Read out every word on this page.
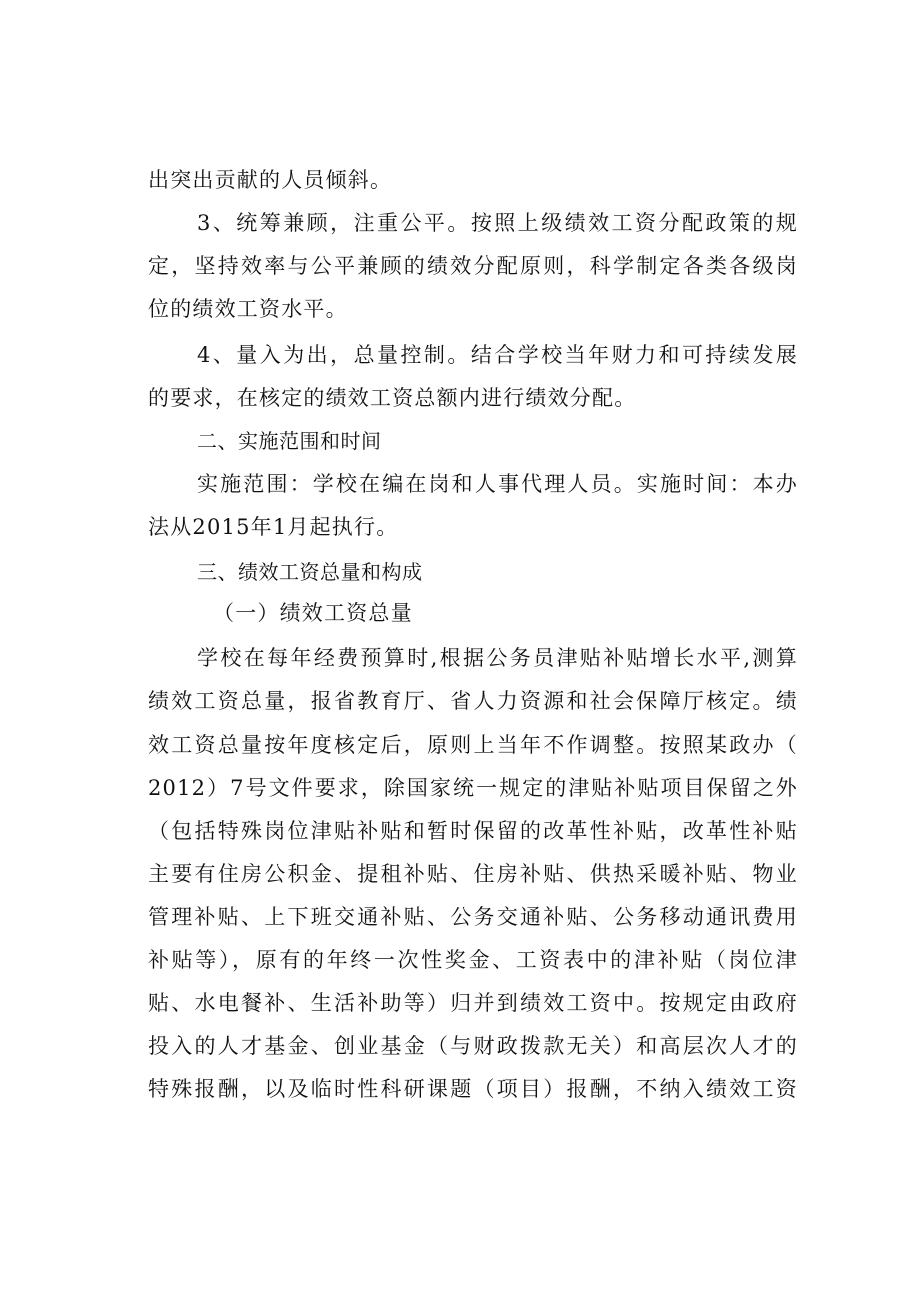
出突出贡献的人员倾斜。
3、统筹兼顾，注重公平。按照上级绩效工资分配政策的规
定，坚持效率与公平兼顾的绩效分配原则，科学制定各类各级岗
位的绩效工资水平。
4、量入为出，总量控制。结合学校当年财力和可持续发展
的要求，在核定的绩效工资总额内进行绩效分配。
二、实施范围和时间
实施范围：学校在编在岗和人事代理人员。实施时间：本办
法从2015年1月起执行。
三、绩效工资总量和构成
（一）绩效工资总量
学校在每年经费预算时,根据公务员津贴补贴增长水平,测算
绩效工资总量，报省教育厅、省人力资源和社会保障厅核定。绩
效工资总量按年度核定后，原则上当年不作调整。按照某政办（
2012）7号文件要求，除国家统一规定的津贴补贴项目保留之外
（包括特殊岗位津贴补贴和暂时保留的改革性补贴，改革性补贴
主要有住房公积金、提租补贴、住房补贴、供热采暖补贴、物业
管理补贴、上下班交通补贴、公务交通补贴、公务移动通讯费用
补贴等），原有的年终一次性奖金、工资表中的津补贴（岗位津
贴、水电餐补、生活补助等）归并到绩效工资中。按规定由政府
投入的人才基金、创业基金（与财政拨款无关）和高层次人才的
特殊报酬，以及临时性科研课题（项目）报酬，不纳入绩效工资
